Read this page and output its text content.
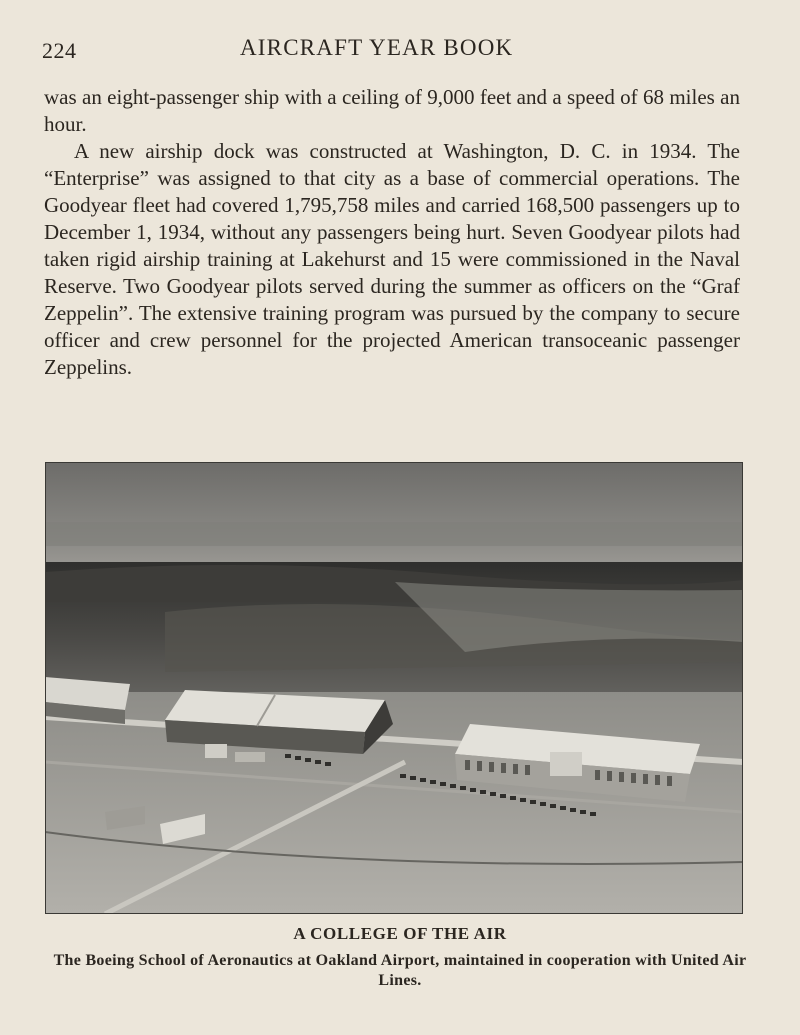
224	AIRCRAFT YEAR BOOK

was an eight-passenger ship with a ceiling of 9,000 feet and a speed of 68 miles an hour.

A new airship dock was constructed at Washington, D. C. in 1934. The “Enterprise” was assigned to that city as a base of commercial operations. The Goodyear fleet had covered 1,795,758 miles and carried 168,500 passengers up to December 1, 1934, without any passengers being hurt. Seven Goodyear pilots had taken rigid airship training at Lakehurst and 15 were commissioned in the Naval Reserve. Two Goodyear pilots served during the summer as officers on the “Graf Zeppelin”. The extensive training program was pursued by the company to secure officer and crew personnel for the projected American transoceanic passenger Zeppelins.

A COLLEGE OF THE AIR
The Boeing School of Aeronautics at Oakland Airport, maintained in cooperation with United Air Lines.
